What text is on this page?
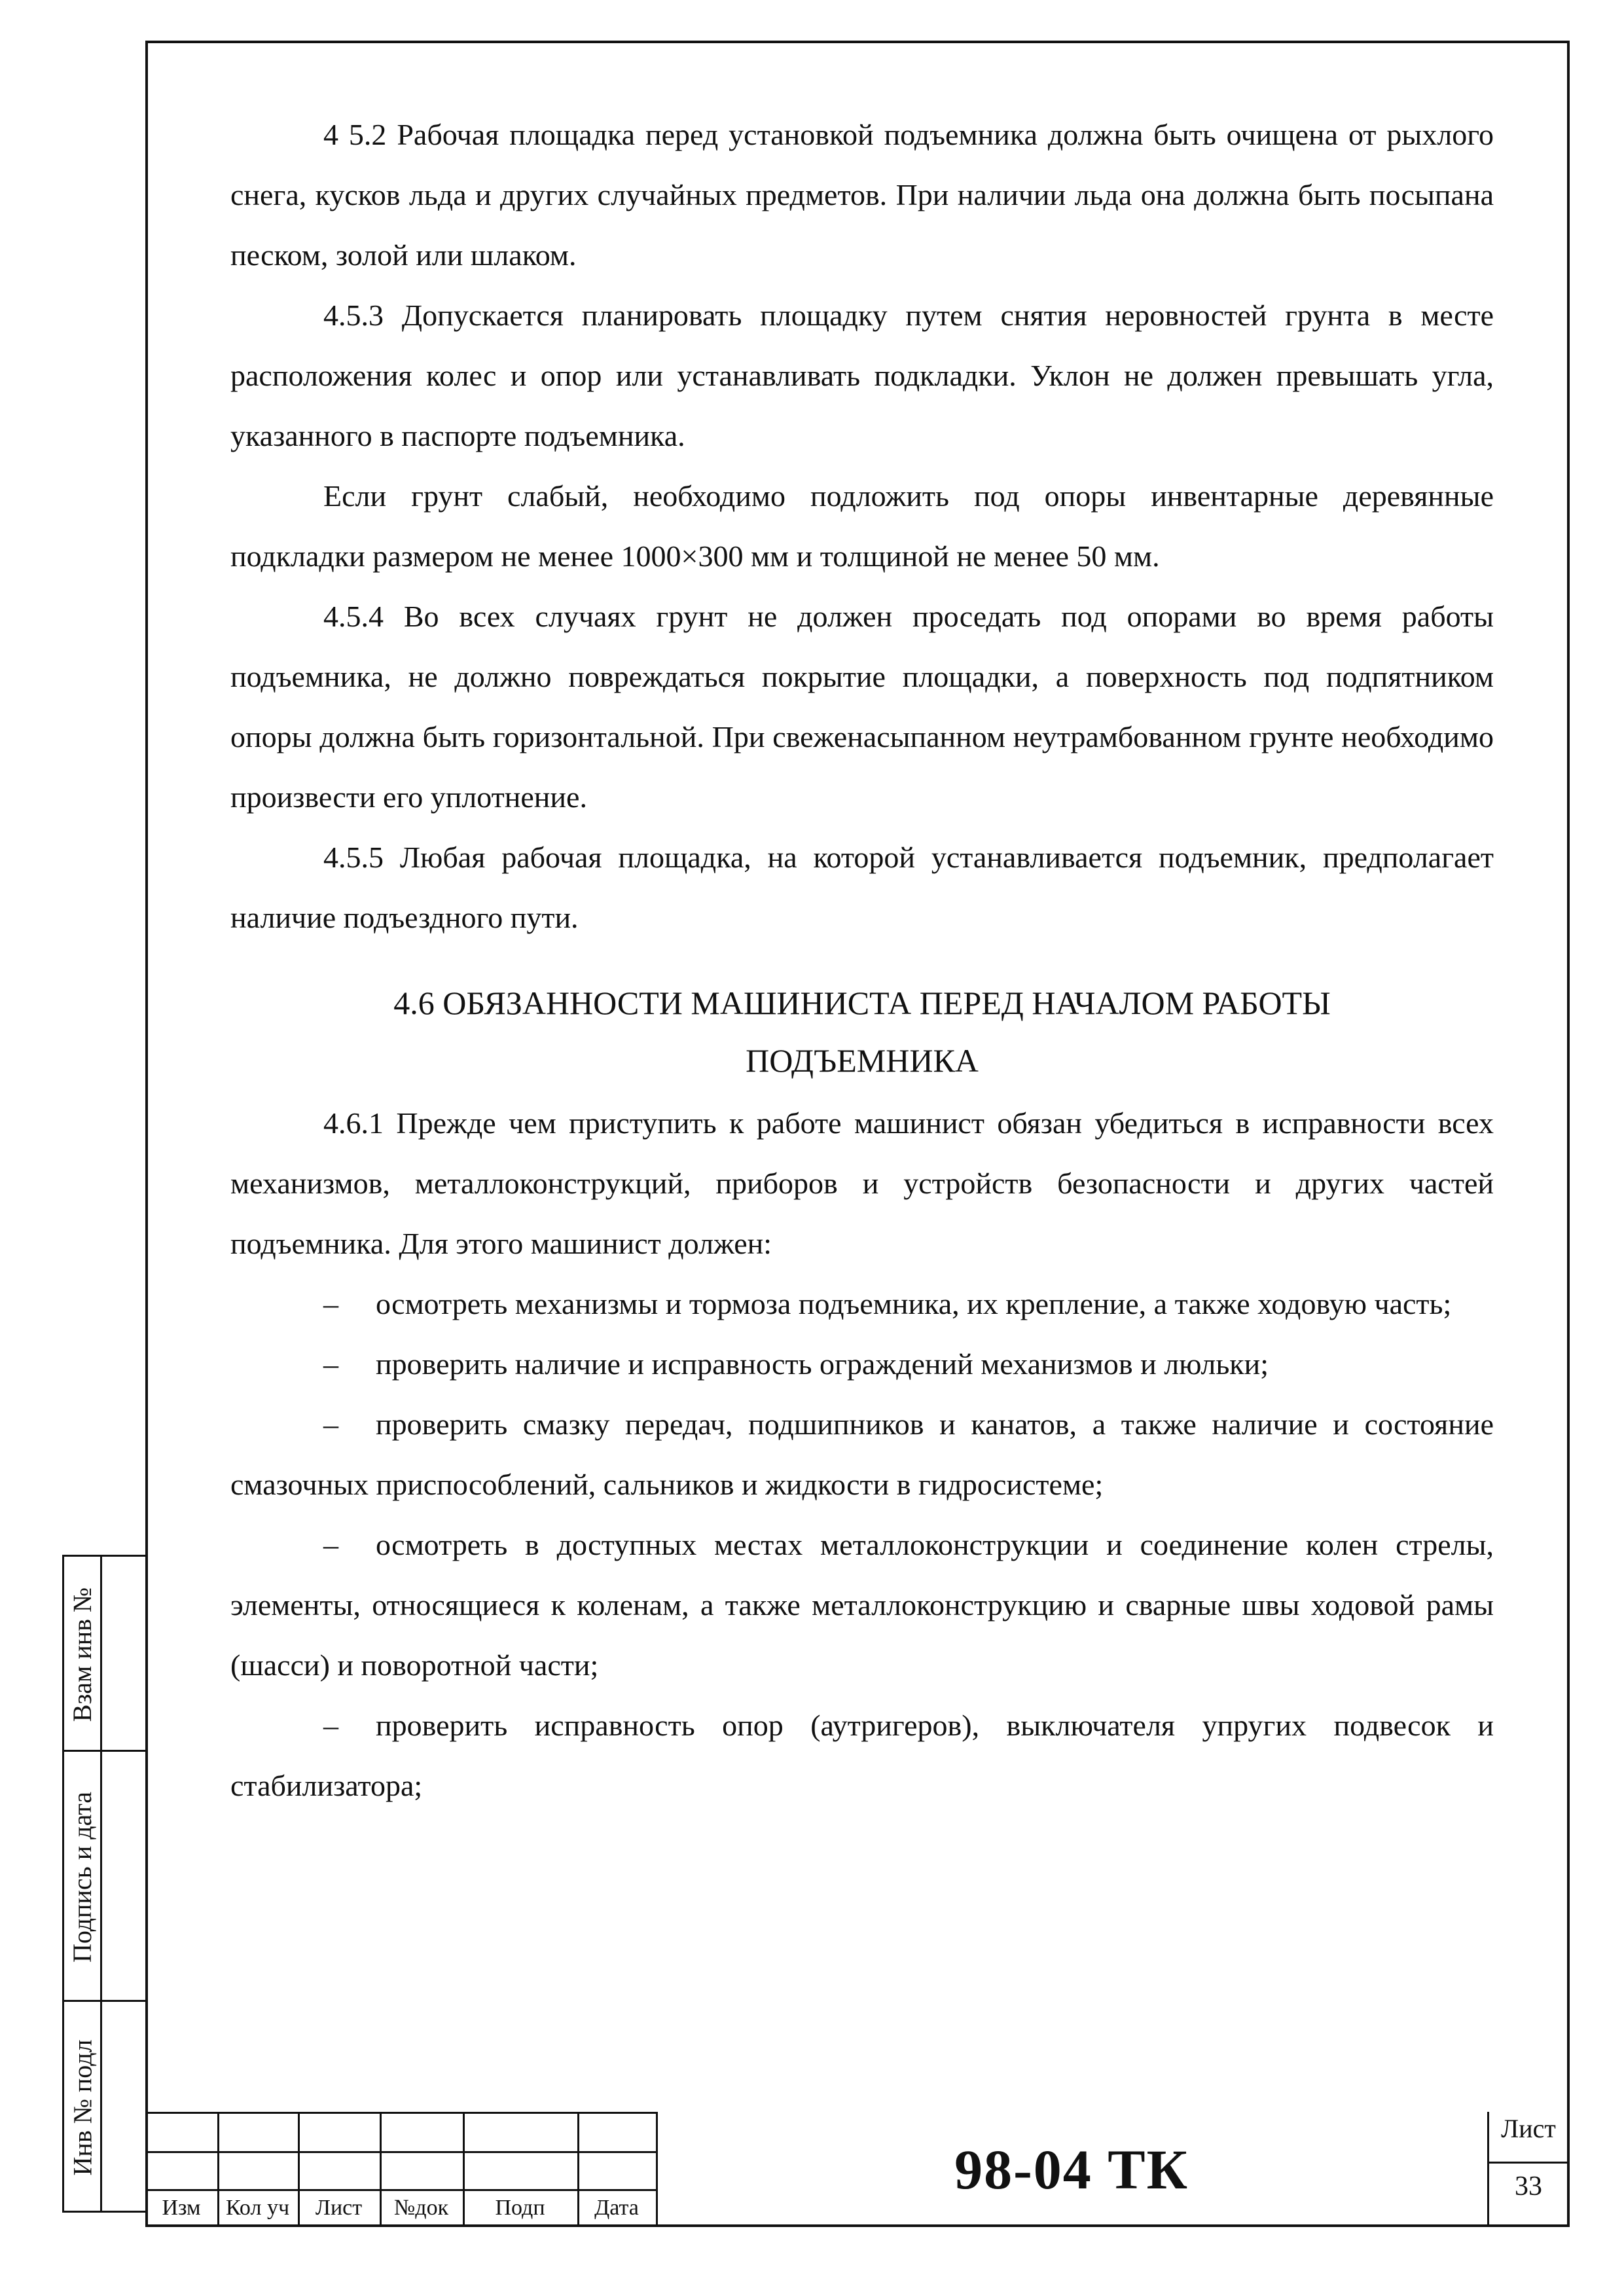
4 5.2 Рабочая площадка перед установкой подъемника должна быть очищена от рыхлого снега, кусков льда и других случайных предметов. При наличии льда она должна быть посыпана песком, золой или шлаком.

4.5.3 Допускается планировать площадку путем снятия неровностей грунта в месте расположения колес и опор или устанавливать подкладки. Уклон не должен превышать угла, указанного в паспорте подъемника.

Если грунт слабый, необходимо подложить под опоры инвентарные деревянные подкладки размером не менее 1000×300 мм и толщиной не менее 50 мм.

4.5.4 Во всех случаях грунт не должен проседать под опорами во время работы подъемника, не должно повреждаться покрытие площадки, а поверхность под подпятником опоры должна быть горизонтальной. При свеженасыпанном неутрамбованном грунте необходимо произвести его уплотнение.

4.5.5 Любая рабочая площадка, на которой устанавливается подъемник, предполагает наличие подъездного пути.

4.6 ОБЯЗАННОСТИ МАШИНИСТА ПЕРЕД НАЧАЛОМ РАБОТЫ
ПОДЪЕМНИКА

4.6.1 Прежде чем приступить к работе машинист обязан убедиться в исправности всех механизмов, металлоконструкций, приборов и устройств безопасности и других частей подъемника. Для этого машинист должен:

– осмотреть механизмы и тормоза подъемника, их крепление, а также ходовую часть;

– проверить наличие и исправность ограждений механизмов и люльки;

– проверить смазку передач, подшипников и канатов, а также наличие и состояние смазочных приспособлений, сальников и жидкости в гидросистеме;

– осмотреть в доступных местах металлоконструкции и соединение колен стрелы, элементы, относящиеся к коленам, а также металлоконструкцию и сварные швы ходовой рамы (шасси) и поворотной части;

– проверить исправность опор (аутригеров), выключателя упругих подвесок и стабилизатора;

Взам инв №
Подпись и дата
Инв № подл
Изм	Кол уч	Лист	№док	Подп	Дата
98-04 ТК
Лист
33
